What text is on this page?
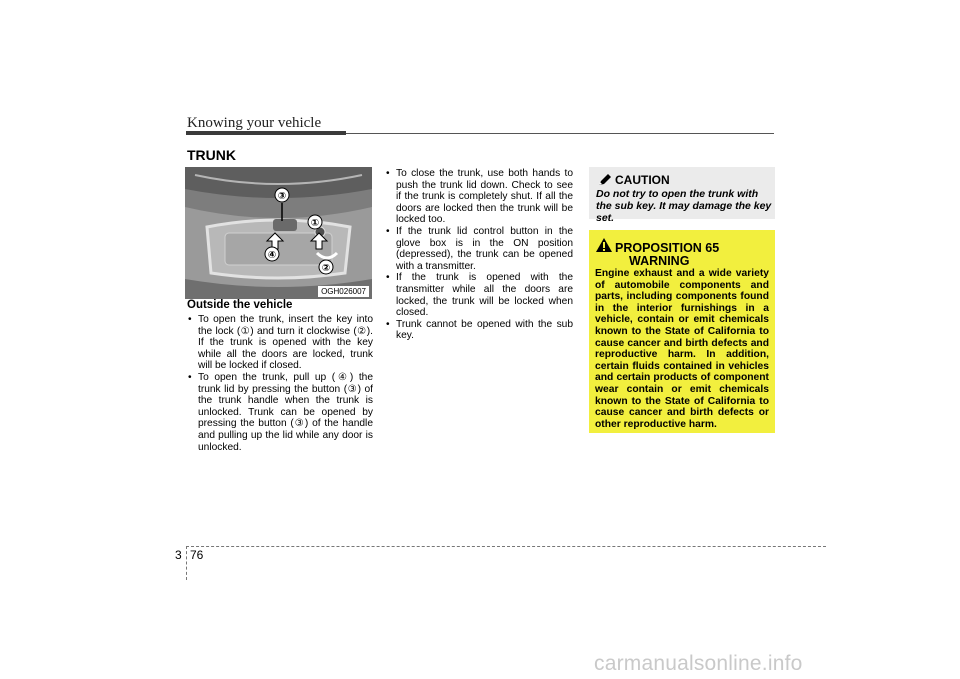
Knowing your vehicle
TRUNK
③
④
①
②
OGH026007
Outside the vehicle
• To open the trunk, insert the key into the lock (①) and turn it clockwise (②). If the trunk is opened with the key while all the doors are locked, trunk will be locked if closed.
• To open the trunk, pull up (④) the trunk lid by pressing the button (③) of the trunk handle when the trunk is unlocked. Trunk can be opened by pressing the button (③) of the handle and pulling up the lid while any door is unlocked.
• To close the trunk, use both hands to push the trunk lid down. Check to see if the trunk is completely shut. If all the doors are locked then the trunk will be locked too.
• If the trunk lid control button in the glove box is in the ON position (depressed), the trunk can be opened with a transmitter.
• If the trunk is opened with the transmitter while all the doors are locked, the trunk will be locked when closed.
• Trunk cannot be opened with the sub key.
CAUTION
Do not try to open the trunk with the sub key. It may damage the key set.
PROPOSITION 65
WARNING
Engine exhaust and a wide variety of automobile components and parts, including components found in the interior furnishings in a vehicle, contain or emit chemicals known to the State of California to cause cancer and birth defects and reproductive harm. In addition, certain fluids contained in vehicles and certain products of component wear contain or emit chemicals known to the State of California to cause cancer and birth defects or other reproductive harm.
3 76
carmanualsonline.info
